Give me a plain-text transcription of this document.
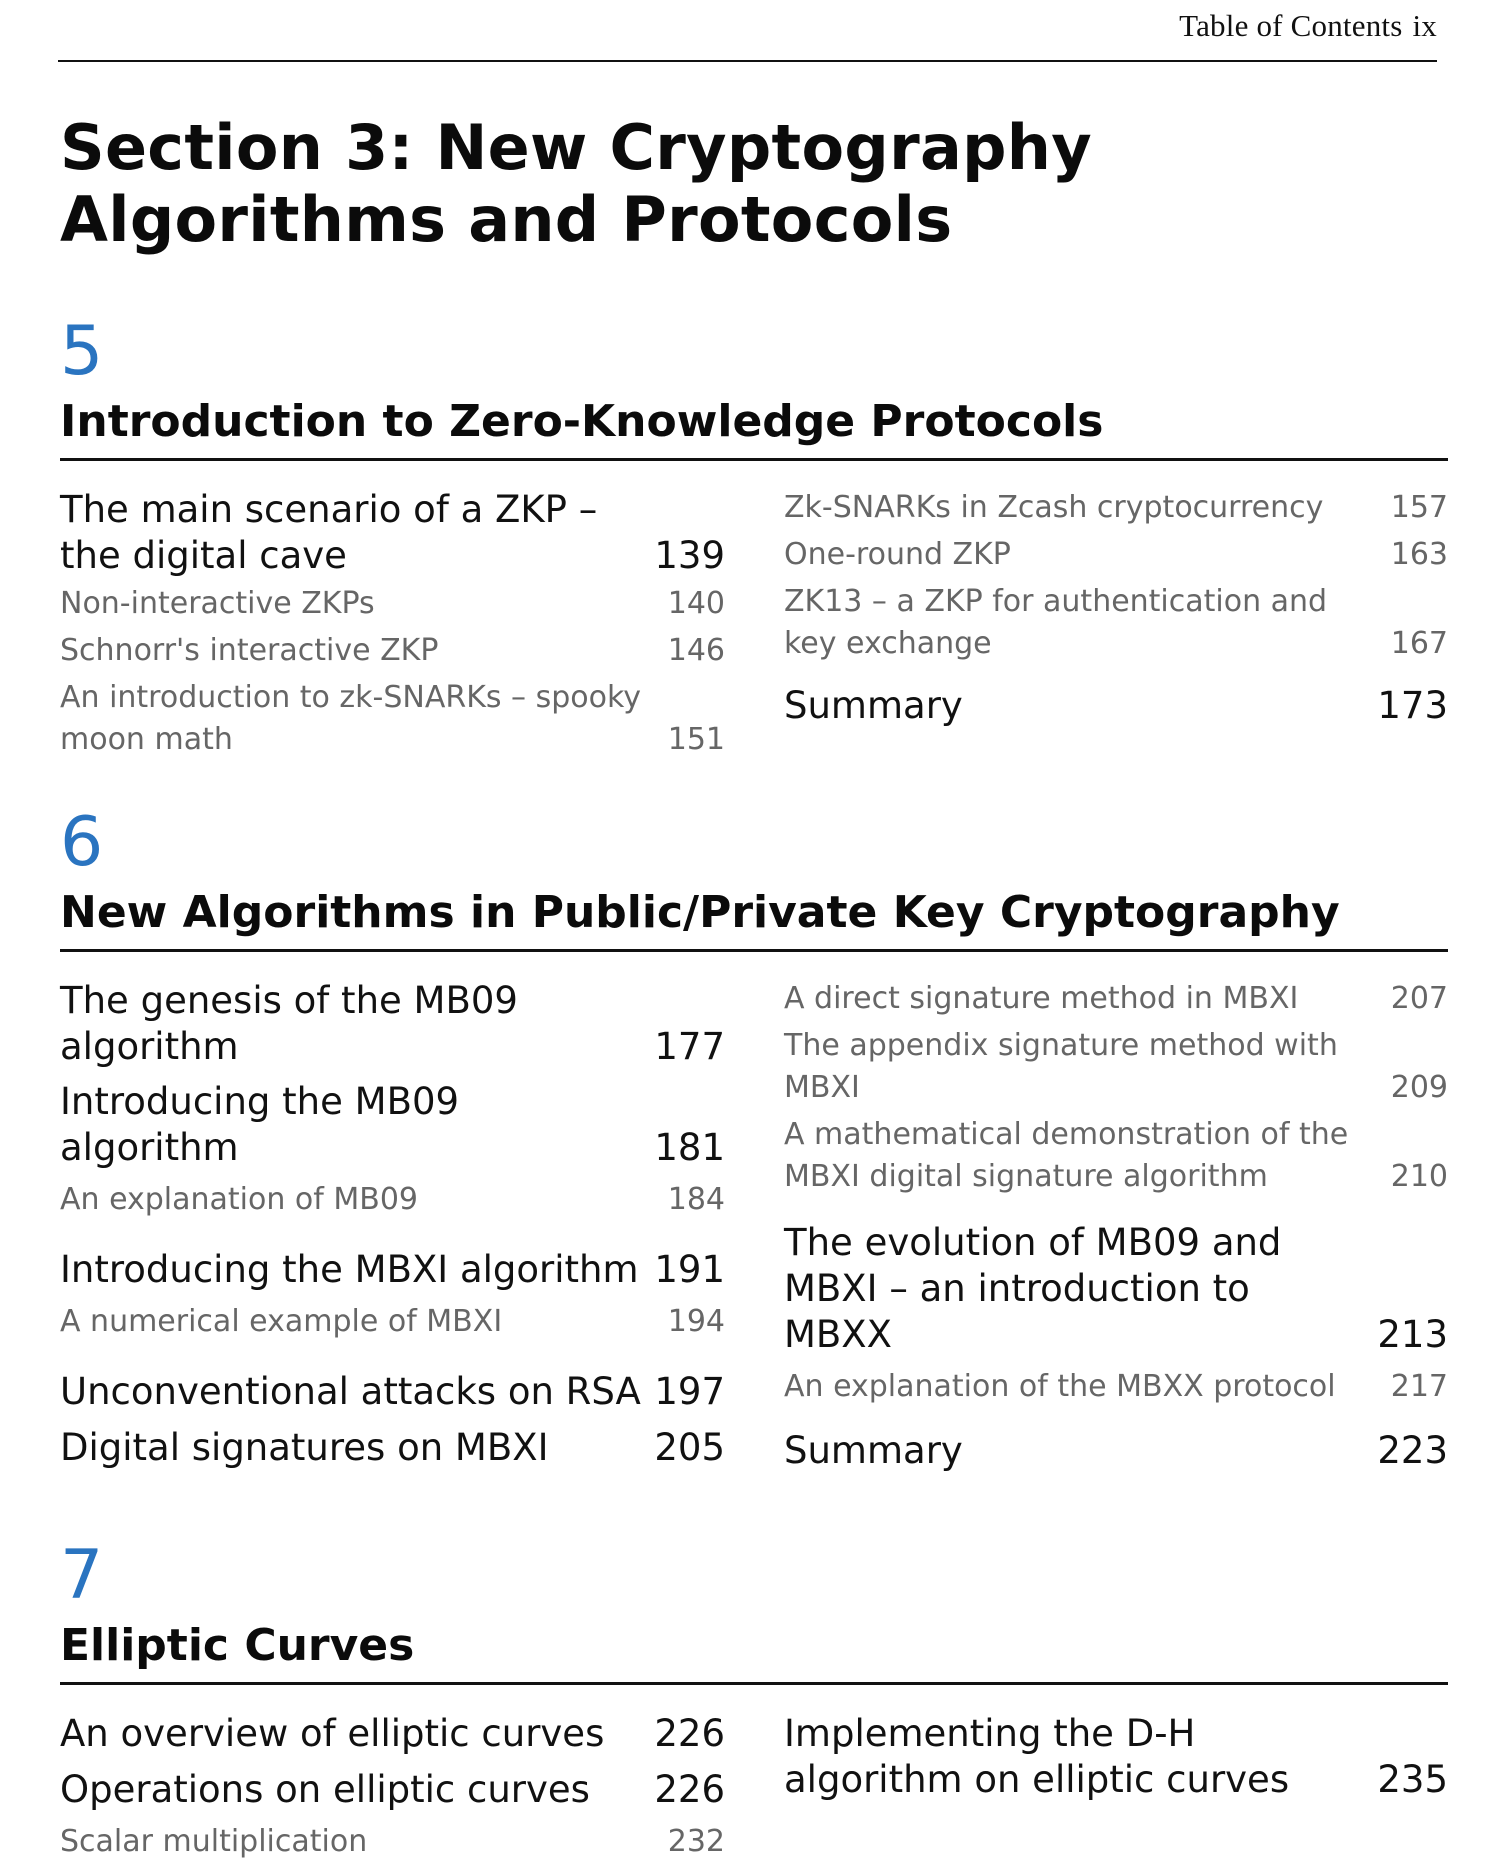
Table of Contents ix
Section 3: New Cryptography Algorithms and Protocols
5
Introduction to Zero-Knowledge Protocols
The main scenario of a ZKP – the digital cave	139
Non-interactive ZKPs	140
Schnorr's interactive ZKP	146
An introduction to zk-SNARKs – spooky moon math	151
Zk-SNARKs in Zcash cryptocurrency	157
One-round ZKP	163
ZK13 – a ZKP for authentication and key exchange	167
Summary	173
6
New Algorithms in Public/Private Key Cryptography
The genesis of the MB09 algorithm	177
Introducing the MB09 algorithm	181
An explanation of MB09	184
Introducing the MBXI algorithm 191
A numerical example of MBXI	194
Unconventional attacks on RSA 197
Digital signatures on MBXI	205
A direct signature method in MBXI	207
The appendix signature method with MBXI	209
A mathematical demonstration of the MBXI digital signature algorithm	210
The evolution of MB09 and MBXI – an introduction to MBXX	213
An explanation of the MBXX protocol	217
Summary	223
7
Elliptic Curves
An overview of elliptic curves	226
Operations on elliptic curves	226
Scalar multiplication	232
Implementing the D-H algorithm on elliptic curves	235
